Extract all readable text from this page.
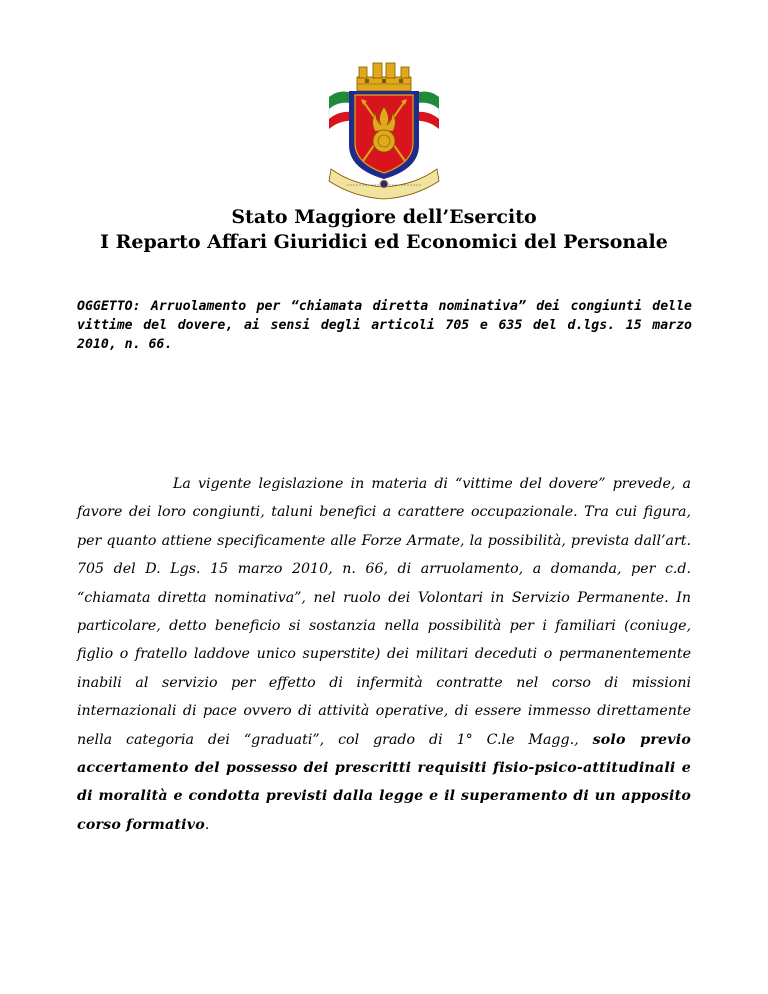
Stato Maggiore dell’Esercito
I Reparto Affari Giuridici ed Economici del Personale

OGGETTO: Arruolamento per “chiamata diretta nominativa” dei congiunti delle vittime del dovere, ai sensi degli articoli 705 e 635 del d.lgs. 15 marzo 2010, n. 66.

La vigente legislazione in materia di “vittime del dovere” prevede, a favore dei loro congiunti, taluni benefici a carattere occupazionale. Tra cui figura, per quanto attiene specificamente alle Forze Armate, la possibilità, prevista dall’art. 705 del D. Lgs. 15 marzo 2010, n. 66, di arruolamento, a domanda, per c.d. “chiamata diretta nominativa”, nel ruolo dei Volontari in Servizio Permanente. In particolare, detto beneficio si sostanzia nella possibilità per i familiari (coniuge, figlio o fratello laddove unico superstite) dei militari deceduti o permanentemente inabili al servizio per effetto di infermità contratte nel corso di missioni internazionali di pace ovvero di attività operative, di essere immesso direttamente nella categoria dei “graduati”, col grado di 1° C.le Magg., solo previo accertamento del possesso dei prescritti requisiti fisio-psico-attitudinali e di moralità e condotta previsti dalla legge e il superamento di un apposito corso formativo.
